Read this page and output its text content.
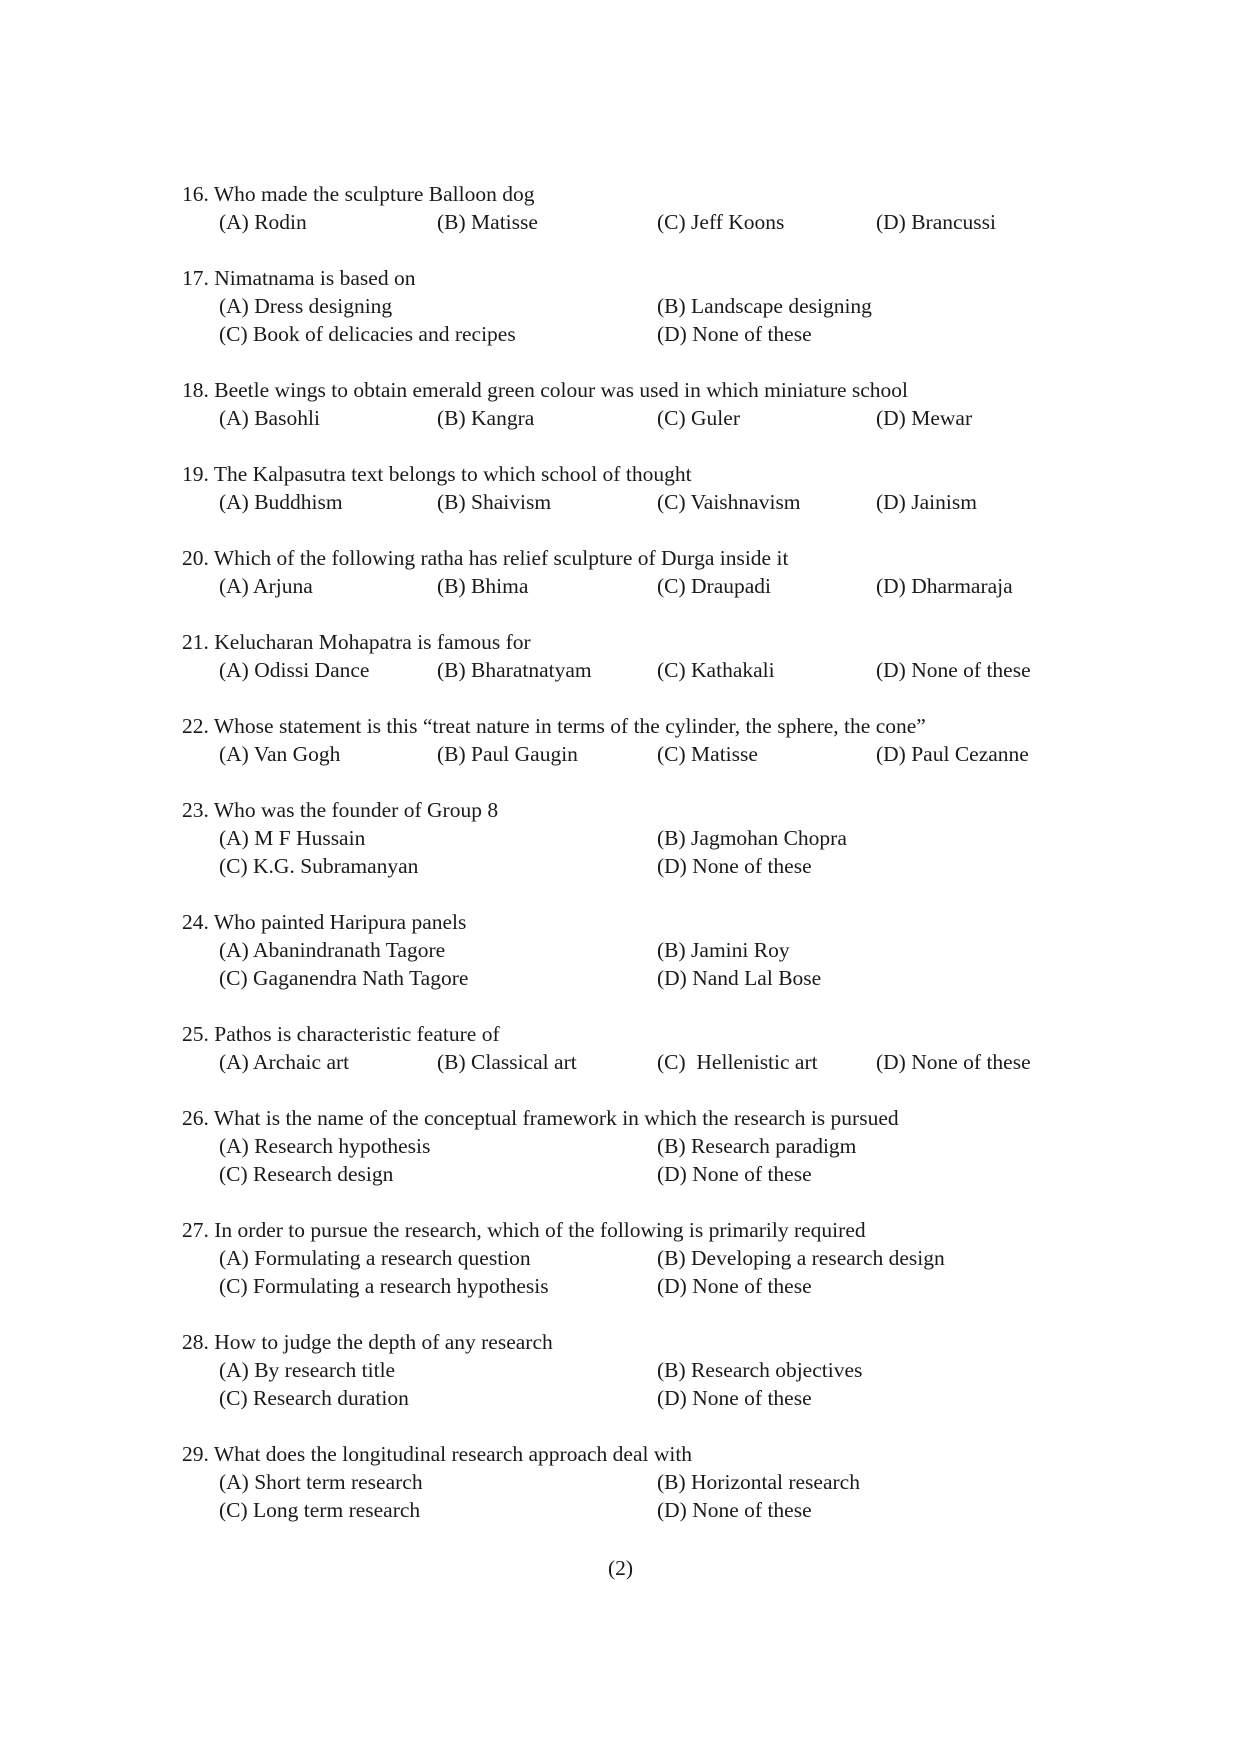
16. Who made the sculpture Balloon dog
(A) Rodin	(B) Matisse	(C) Jeff Koons	(D) Brancussi
17. Nimatnama is based on
(A) Dress designing	(B) Landscape designing
(C) Book of delicacies and recipes	(D) None of these
18. Beetle wings to obtain emerald green colour was used in which miniature school
(A) Basohli	(B) Kangra	(C) Guler	(D) Mewar
19. The Kalpasutra text belongs to which school of thought
(A) Buddhism	(B) Shaivism	(C) Vaishnavism	(D) Jainism
20. Which of the following ratha has relief sculpture of Durga inside it
(A) Arjuna	(B) Bhima	(C) Draupadi	(D) Dharmaraja
21. Kelucharan Mohapatra is famous for
(A) Odissi Dance	(B) Bharatnatyam	(C) Kathakali	(D) None of these
22. Whose statement is this “treat nature in terms of the cylinder, the sphere, the cone”
(A) Van Gogh	(B) Paul Gaugin	(C) Matisse	(D) Paul Cezanne
23. Who was the founder of Group 8
(A) M F Hussain	(B) Jagmohan Chopra
(C) K.G. Subramanyan	(D) None of these
24. Who painted Haripura panels
(A) Abanindranath Tagore	(B) Jamini Roy
(C) Gaganendra Nath Tagore	(D) Nand Lal Bose
25. Pathos is characteristic feature of
(A) Archaic art	(B) Classical art	(C)  Hellenistic art	(D) None of these
26. What is the name of the conceptual framework in which the research is pursued
(A) Research hypothesis	(B) Research paradigm
(C) Research design	(D) None of these
27. In order to pursue the research, which of the following is primarily required
(A) Formulating a research question	(B) Developing a research design
(C) Formulating a research hypothesis	(D) None of these
28. How to judge the depth of any research
(A) By research title	(B) Research objectives
(C) Research duration	(D) None of these
29. What does the longitudinal research approach deal with
(A) Short term research	(B) Horizontal research
(C) Long term research	(D) None of these
(2)
